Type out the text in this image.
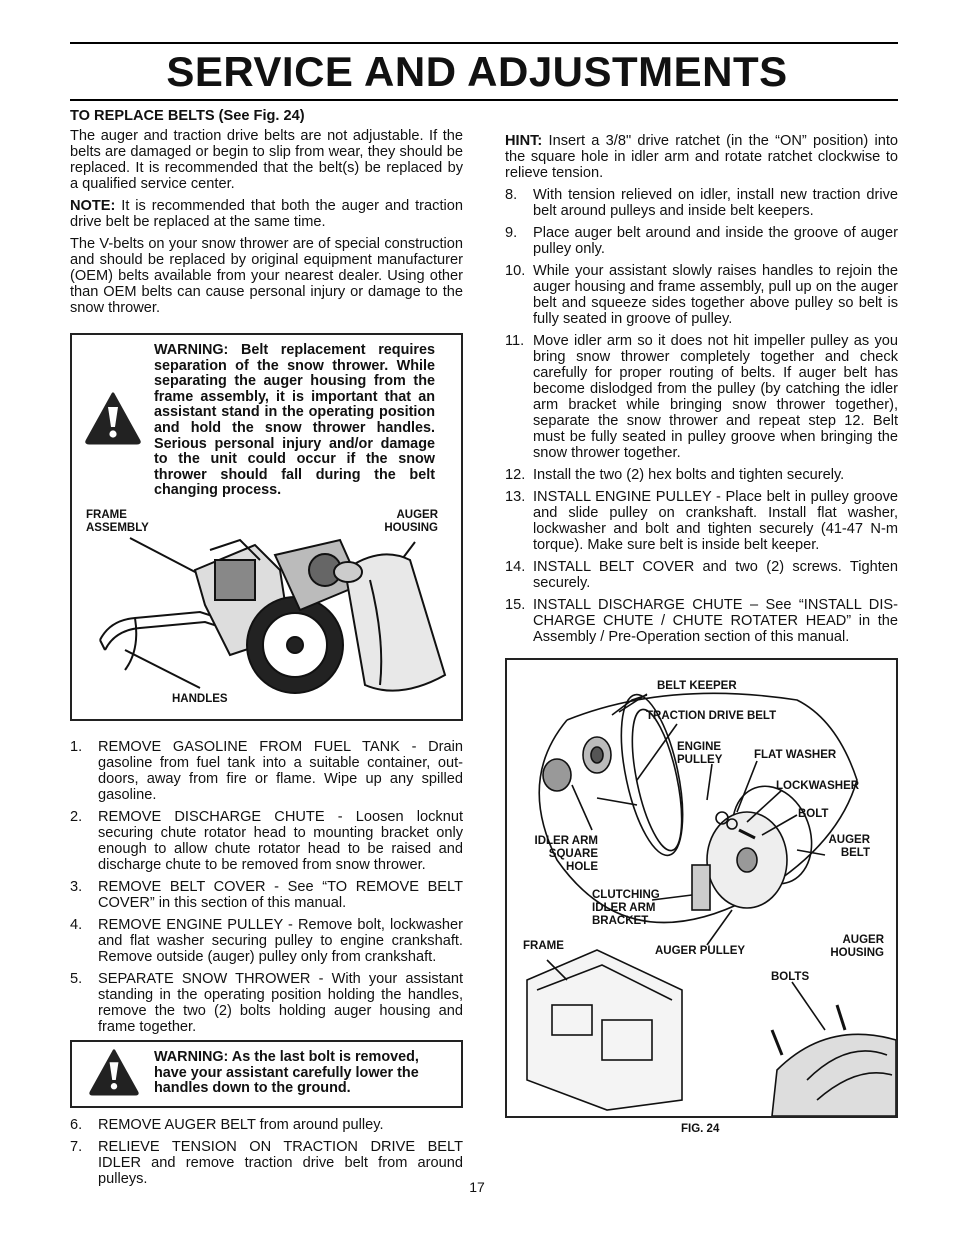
SERVICE AND ADJUSTMENTS

TO REPLACE BELTS (See Fig. 24)

The auger and traction drive belts are not adjustable. If the belts are damaged or begin to slip from wear, they should be replaced. It is recommended that the belt(s) be replaced by a qualified service center.

NOTE: It is recommended that both the auger and traction drive belt be replaced at the same time.

The V-belts on your snow thrower are of special construction and should be replaced by original equipment manufacturer (OEM) belts available from your nearest dealer. Using other than OEM belts can cause personal injury or damage to the snow thrower.

WARNING: Belt replacement requires separation of the snow thrower. While separating the auger housing from the frame assembly, it is important that an assistant stand in the operating position and hold the snow thrower handles. Serious personal injury and/or damage to the unit could occur if the snow thrower should fall during the belt changing process.
FRAME
ASSEMBLY
AUGER
HOUSING
HANDLES
1. REMOVE GASOLINE FROM FUEL TANK - Drain gasoline from fuel tank into a suitable container, out-doors, away from fire or flame. Wipe up any spilled gasoline.
2. REMOVE DISCHARGE CHUTE - Loosen locknut securing chute rotator head to mounting bracket only enough to allow chute rotator head to be raised and discharge chute to be removed from snow thrower.
3. REMOVE BELT COVER - See “TO REMOVE BELT COVER” in this section of this manual.
4. REMOVE ENGINE PULLEY - Remove bolt, lockwasher and flat washer securing pulley to engine crankshaft. Remove outside (auger) pulley only from crankshaft.
5. SEPARATE SNOW THROWER - With your assistant standing in the operating position holding the handles, remove the two (2) bolts holding auger housing and frame together.
WARNING: As the last bolt is removed, have your assistant carefully lower the handles down to the ground.
6. REMOVE AUGER BELT from around pulley.
7. RELIEVE TENSION ON TRACTION DRIVE BELT IDLER and remove traction drive belt from around pulleys.

HINT: Insert a 3/8" drive ratchet (in the “ON” position) into the square hole in idler arm and rotate ratchet clockwise to relieve tension.

8. With tension relieved on idler, install new traction drive belt around pulleys and inside belt keepers.
9. Place auger belt around and inside the groove of auger pulley only.
10. While your assistant slowly raises handles to rejoin the auger housing and frame assembly, pull up on the auger belt and squeeze sides together above pulley so belt is fully seated in groove of pulley.
11. Move idler arm so it does not hit impeller pulley as you bring snow thrower completely together and check carefully for proper routing of belts. If auger belt has become dislodged from the pulley (by catching the idler arm bracket while bringing snow thrower together), separate the snow thrower and repeat step 12. Belt must be fully seated in pulley groove when bringing the snow thrower together.
12. Install the two (2) hex bolts and tighten securely.
13. INSTALL ENGINE PULLEY - Place belt in pulley groove and slide pulley on crankshaft. Install flat washer, lockwasher and bolt and tighten securely (41-47 N-m torque). Make sure belt is inside belt keeper.
14. INSTALL BELT COVER and two (2) screws. Tighten securely.
15. INSTALL DISCHARGE CHUTE – See “INSTALL DIS-CHARGE CHUTE / CHUTE ROTATER HEAD” in the Assembly / Pre-Operation section of this manual.
BELT KEEPER
TRACTION DRIVE BELT
ENGINE
PULLEY	FLAT WASHER
LOCKWASHER
BOLT
AUGER
BELT
IDLER ARM
SQUARE
HOLE
CLUTCHING
IDLER ARM
BRACKET
FRAME	AUGER PULLEY
AUGER
HOUSING
BOLTS
FIG. 24
17
